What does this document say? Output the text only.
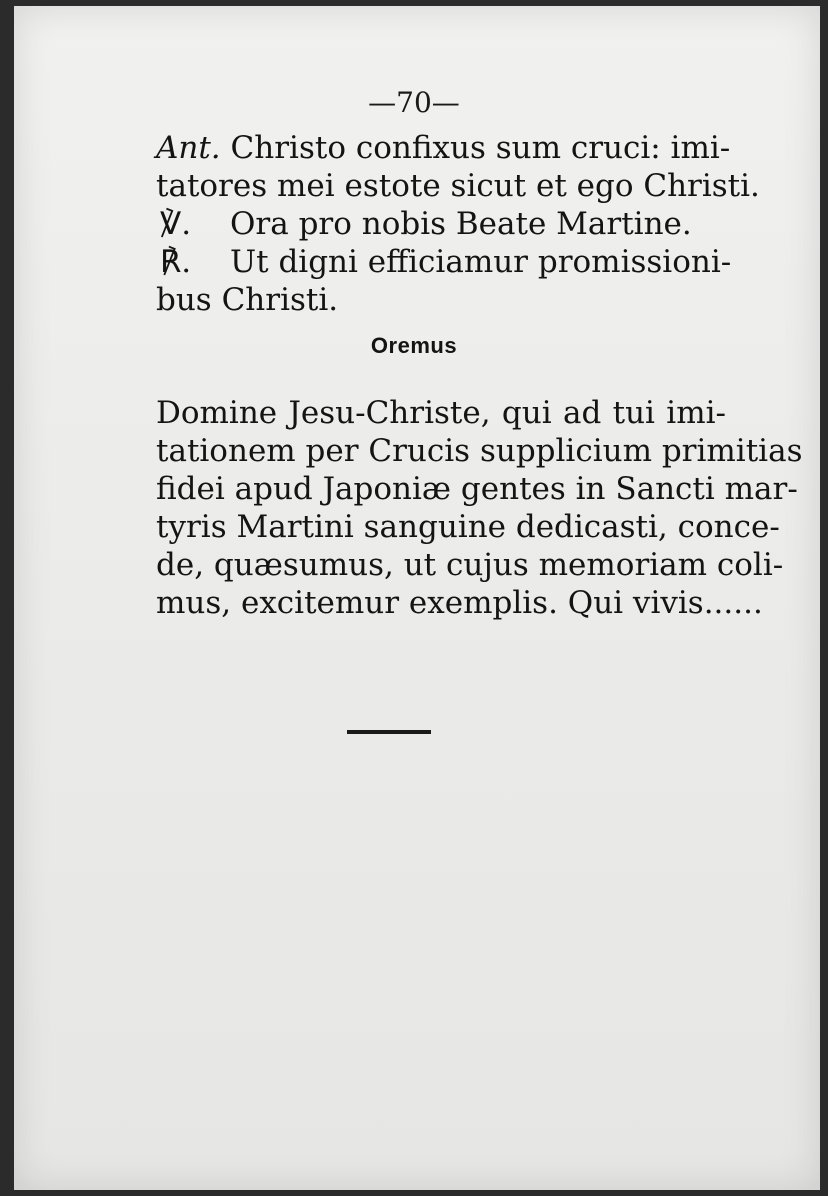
—70—
Ant. Christo confixus sum cruci: imi-
tatores mei estote sicut et ego Christi.
℣. Ora pro nobis Beate Martine.
℟. Ut digni efficiamur promissioni-
bus Christi.
Oremus
Domine Jesu-Christe, qui ad tui imi-
tationem per Crucis supplicium primitias
fidei apud Japoniæ gentes in Sancti mar-
tyris Martini sanguine dedicasti, conce-
de, quæsumus, ut cujus memoriam coli-
mus, excitemur exemplis. Qui vivis......
